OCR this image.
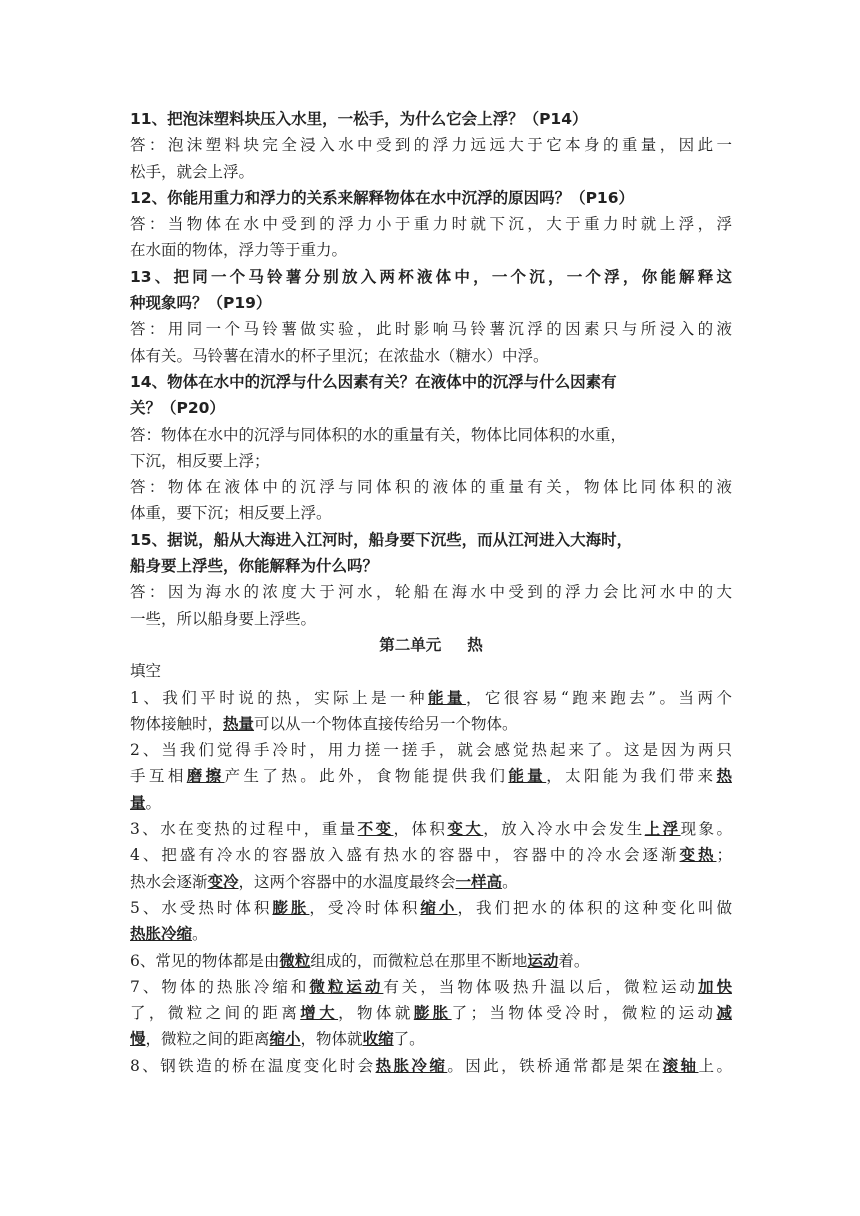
11、把泡沫塑料块压入水里，一松手，为什么它会上浮？（P14）
答：泡沫塑料块完全浸入水中受到的浮力远远大于它本身的重量，因此一
松手，就会上浮。
12、你能用重力和浮力的关系来解释物体在水中沉浮的原因吗？（P16）
答：当物体在水中受到的浮力小于重力时就下沉，大于重力时就上浮，浮
在水面的物体，浮力等于重力。
13、把同一个马铃薯分别放入两杯液体中，一个沉，一个浮，你能解释这
种现象吗？（P19）
答：用同一个马铃薯做实验，此时影响马铃薯沉浮的因素只与所浸入的液
体有关。马铃薯在清水的杯子里沉；在浓盐水（糖水）中浮。
14、物体在水中的沉浮与什么因素有关？在液体中的沉浮与什么因素有
关？（P20）
答：物体在水中的沉浮与同体积的水的重量有关，物体比同体积的水重，
下沉，相反要上浮；
答：物体在液体中的沉浮与同体积的液体的重量有关，物体比同体积的液
体重，要下沉；相反要上浮。
15、据说，船从大海进入江河时，船身要下沉些，而从江河进入大海时，
船身要上浮些，你能解释为什么吗？
答：因为海水的浓度大于河水，轮船在海水中受到的浮力会比河水中的大
一些，所以船身要上浮些。
第二单元 热
填空
1、我们平时说的热，实际上是一种能量，它很容易“跑来跑去”。当两个
物体接触时，热量可以从一个物体直接传给另一个物体。
2、当我们觉得手冷时，用力搓一搓手，就会感觉热起来了。这是因为两只
手互相磨擦产生了热。此外，食物能提供我们能量，太阳能为我们带来热
量。
3、水在变热的过程中，重量不变，体积变大，放入冷水中会发生上浮现象。
4、把盛有冷水的容器放入盛有热水的容器中，容器中的冷水会逐渐变热；
热水会逐渐变冷，这两个容器中的水温度最终会一样高。
5、水受热时体积膨胀，受冷时体积缩小，我们把水的体积的这种变化叫做
热胀冷缩。
6、常见的物体都是由微粒组成的，而微粒总在那里不断地运动着。
7、物体的热胀冷缩和微粒运动有关，当物体吸热升温以后，微粒运动加快
了，微粒之间的距离增大，物体就膨胀了；当物体受冷时，微粒的运动减
慢，微粒之间的距离缩小，物体就收缩了。
8、钢铁造的桥在温度变化时会热胀冷缩。因此，铁桥通常都是架在滚轴上。
